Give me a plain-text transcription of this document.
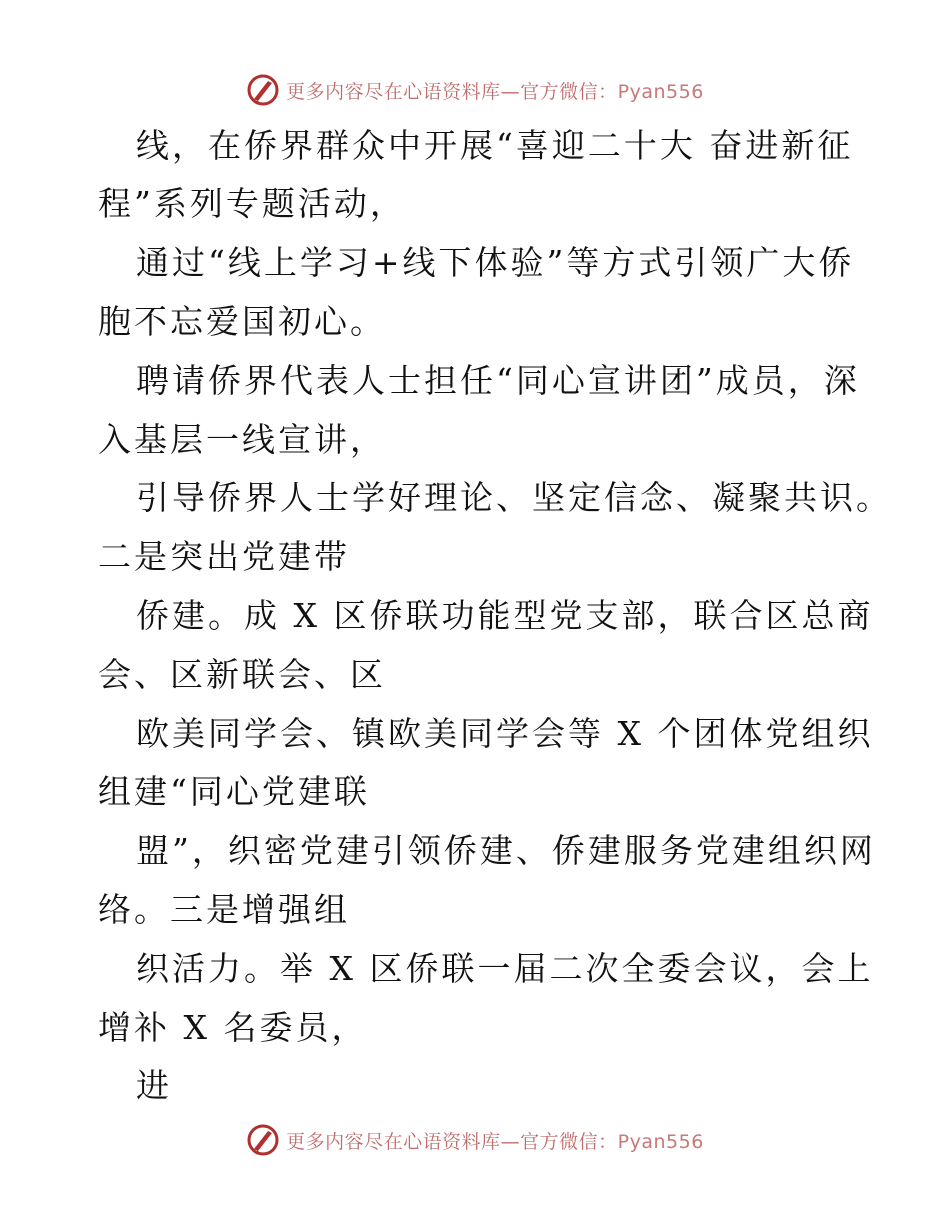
更多内容尽在心语资料库—官方微信：Pyan556
线，在侨界群众中开展“喜迎二十大 奋进新征
程”系列专题活动，
通过“线上学习+线下体验”等方式引领广大侨
胞不忘爱国初心。
聘请侨界代表人士担任“同心宣讲团”成员，深
入基层一线宣讲，
引导侨界人士学好理论、坚定信念、凝聚共识。
二是突出党建带
侨建。成 X 区侨联功能型党支部，联合区总商
会、区新联会、区
欧美同学会、镇欧美同学会等 X 个团体党组织
组建“同心党建联
盟”，织密党建引领侨建、侨建服务党建组织网
络。三是增强组
织活力。举 X 区侨联一届二次全委会议，会上
增补 X 名委员，
进
更多内容尽在心语资料库—官方微信：Pyan556
